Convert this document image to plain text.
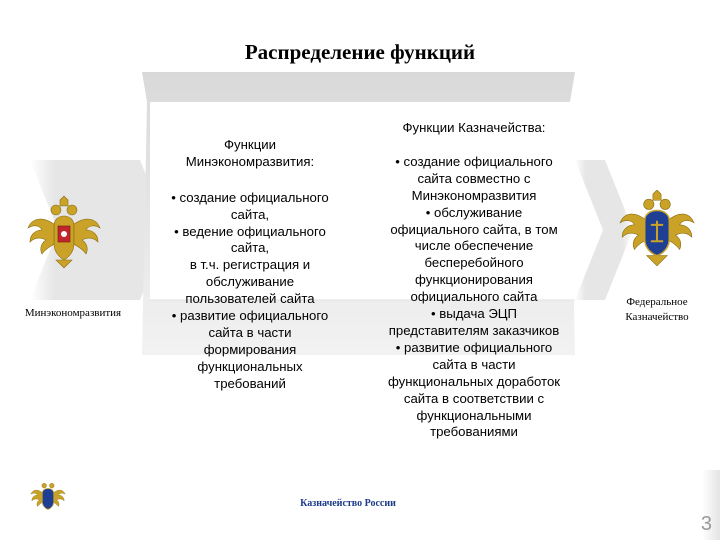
Распределение функций

Функции
Минэкономразвития:

• создание официального
сайта,
• ведение официального
сайта,
в т.ч. регистрация и
обслуживание
пользователей сайта
• развитие официального
сайта в части
формирования
функциональных
требований
Функции Казначейства:
• создание официального
сайта совместно с
Минэкономразвития
• обслуживание
официального сайта, в том
числе обеспечение
бесперебойного
функционирования
официального сайта
• выдача ЭЦП
представителям заказчиков
• развитие официального
сайта в части
функциональных доработок
сайта в соответствии с
функциональными
требованиями
Минэкономразвития
Федеральное
Казначейство
Казначейство России
3
